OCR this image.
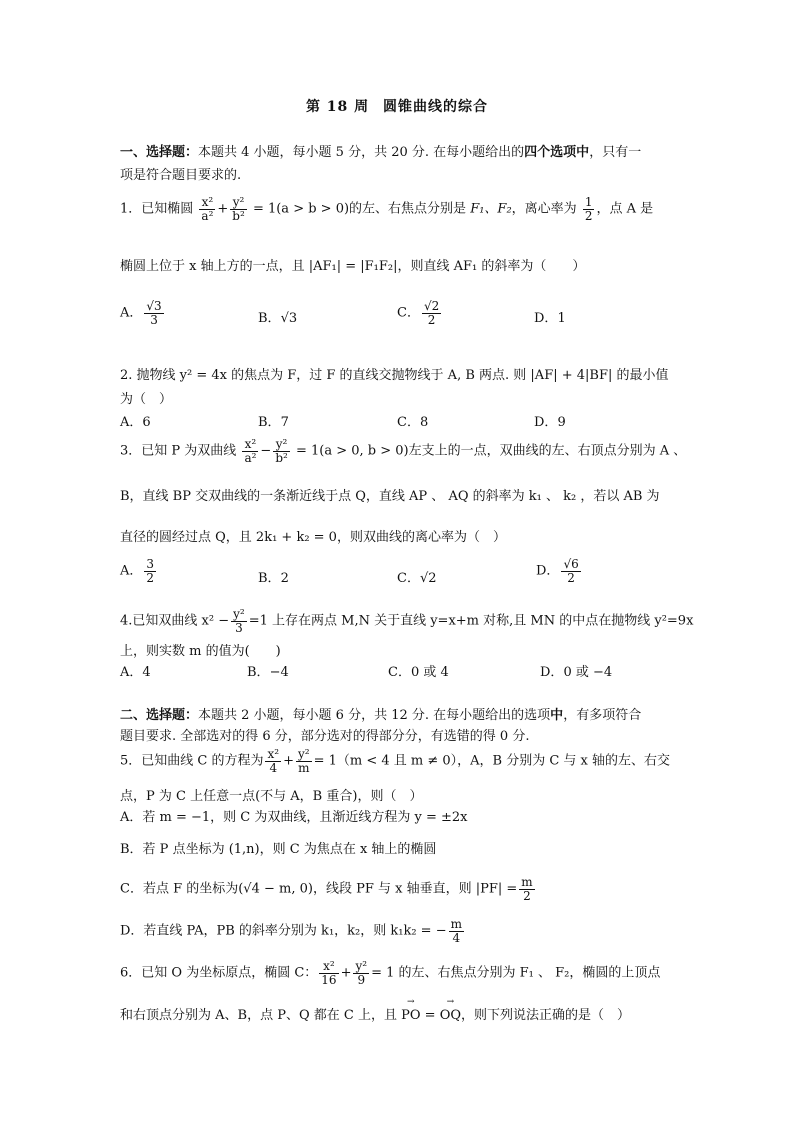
第 18 周 圆锥曲线的综合
一、选择题：本题共 4 小题，每小题 5 分，共 20 分. 在每小题给出的四个选项中，只有一
项是符合题目要求的.
1．已知椭圆 $\frac{\text{x²}}{\text{a²}} + \frac{\text{y²}}{\text{b²}} = 1(a > b > 0)$的左、右焦点分别是 F₁、F₂，离心率为 $\frac{1}{2}$ ，点 A 是
椭圆上位于 x 轴上方的一点，且 |AF₁| = |F₁F₂|，则直线 AF₁ 的斜率为（　　）
A． $\frac{√3}{3}$	B．√3	C． $\frac{√2}{2}$	D．1
2. 抛物线 y² = 4x 的焦点为 F，过 F 的直线交抛物线于 A, B 两点. 则 |AF| + 4|BF| 的最小值
为（　）
A．6	B．7	C．8	D．9
3．已知 P 为双曲线 $\frac{\text{x²}}{\text{a²}} - \frac{\text{y²}}{\text{b²}} = 1(a > 0$, b > 0)左支上的一点，双曲线的左、右顶点分别为 A 、
B，直线 BP 交双曲线的一条渐近线于点 Q，直线 AP 、 AQ 的斜率为 k₁ 、 k₂ ，若以 AB 为
直径的圆经过点 Q，且 2k₁ + k₂ = 0，则双曲线的离心率为（　）
A． $\frac{3}{2}$	B．2	C．√2	D． $\frac{√6}{2}$
4.已知双曲线 $x^2 - \frac{\text{y²}}{3} =1$ 上存在两点 M,N 关于直线 y=x+m 对称,且 MN 的中点在抛物线 y²=9x
上，则实数 m 的值为(　　)
A．4	B．−4	C．0 或 4	D．0 或 −4
二、选择题：本题共 2 小题，每小题 6 分，共 12 分. 在每小题给出的选项中，有多项符合
题目要求. 全部选对的得 6 分，部分选对的得部分分，有选错的得 0 分.
5．已知曲线 C 的方程为 $\frac{\text{x²}}{4} + \frac{\text{y²}}{m} = 1(m < 4$ 且 m ≠ 0），A，B 分别为 C 与 x 轴的左、右交
点，P 为 C 上任意一点(不与 A，B 重合)，则（　）
A．若 m = −1，则 C 为双曲线，且渐近线方程为 y = ±2x
B．若 P 点坐标为 (1,n)，则 C 为焦点在 x 轴上的椭圆
C．若点 F 的坐标为(√4 − m, 0)，线段 PF 与 x 轴垂直，则 $|PF| = \frac{m}{2}$
D．若直线 PA，PB 的斜率分别为 k₁，k₂，则 k₁k₂ = − $\frac{m}{4}$
6．已知 O 为坐标原点，椭圆 C： $\frac{\text{x²}}{16} + \frac{\text{y²}}{9} = 1$ 的左、右焦点分别为 F₁ 、 F₂，椭圆的上顶点
和右顶点分别为 A、B，点 P、Q 都在 C 上，且 → PO = → OQ，则下列说法正确的是（　）
